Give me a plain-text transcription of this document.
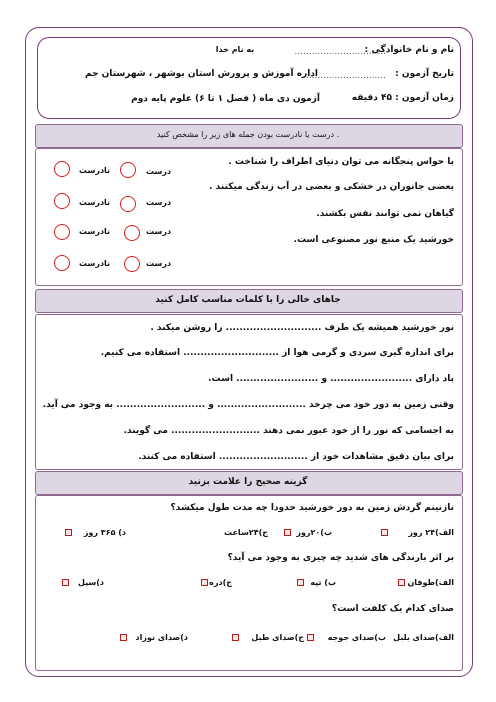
به نام خدا
اداره آموزش و پرورش استان بوشهر ، شهرستان جم
آزمون دی ماه ( فصل ۱ تا ۶) علوم پایه دوم
نام و نام خانوادگی :
................................
تاریخ آزمون :
..............................
زمان آزمون : ۴۵ دقیقه
درست یا نادرست بودن جمله های زیر را مشخص کنید .
با حواس پنجگانه می توان دنیای اطراف را شناخت .
بعضی جانوران در خشکی و بعضی در آب زندگی میکنند .
گیاهان نمی توانند نفس بکشند.
خورشید یک منبع نور مصنوعی است.
درست
نادرست
درست
نادرست
درست
نادرست
درست
نادرست
جاهای خالی را با کلمات مناسب کامل کنید
نور خورشید همیشه یک طرف ............................ را روشن میکند .
برای اندازه گیری سردی و گرمی هوا از ............................ استفاده می کنیم.
باد دارای ........................ و ........................ است.
وقتی زمین به دور خود می چرخد .......................... و .......................... به وجود می آید.
به اجسامی که نور را از خود عبور نمی دهند .......................... می گویند.
برای بیان دقیق مشاهدات خود از .......................... استفاده می کنند.
گزینه صحیح را علامت بزنید
نازنینم گردش زمین به دور خورشید حدودا چه مدت طول میکشد؟
الف)۲۴ روز
ب)۲۰روز
ج)۲۴ساعت
د) ۳۶۵ روز
بر اثر بارندگی های شدید چه چیزی به وجود می آید؟
الف)طوفان
ب) تپه
ج)دره
د)سیل
صدای کدام یک کلفت است؟
الف)صدای بلبل
ب)صدای جوجه
ج)صدای طبل
د)صدای نوزاد
